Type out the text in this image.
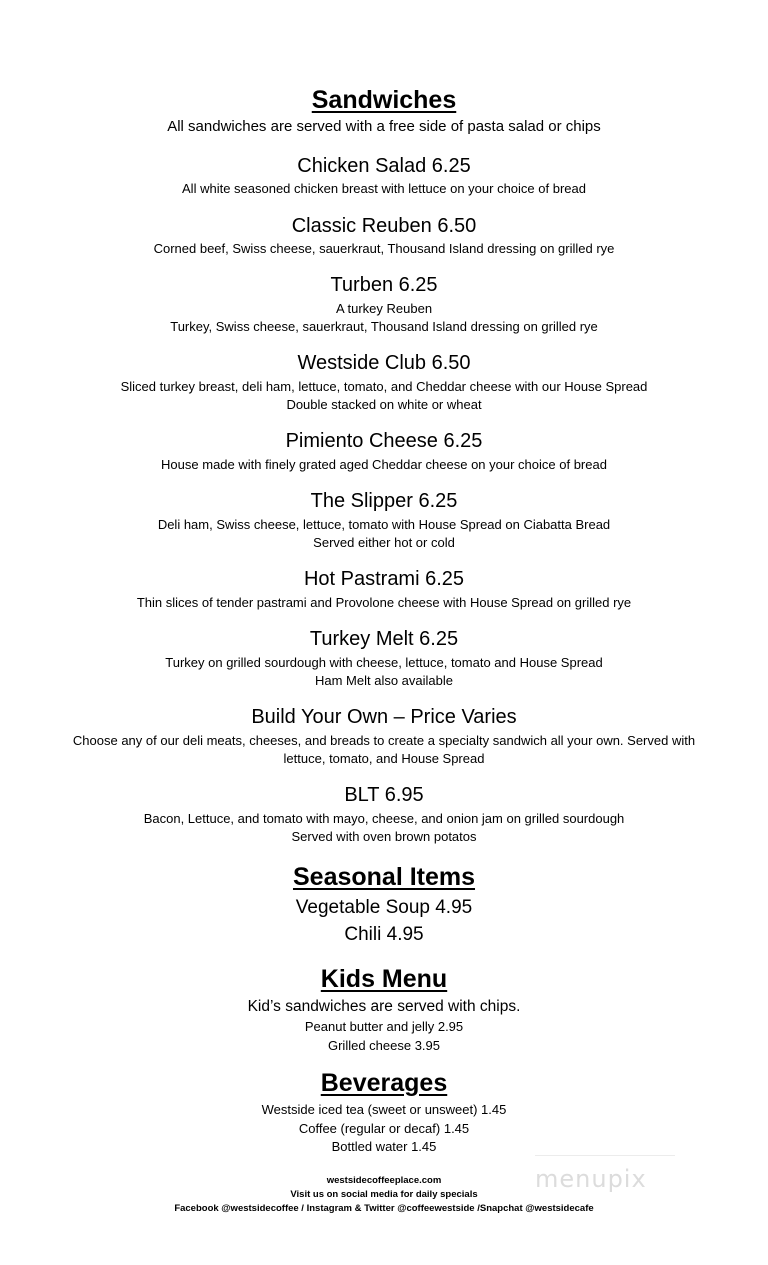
Sandwiches
All sandwiches are served with a free side of pasta salad or chips
Chicken Salad 6.25
All white seasoned chicken breast with lettuce on your choice of bread
Classic Reuben 6.50
Corned beef, Swiss cheese, sauerkraut, Thousand Island dressing on grilled rye
Turben 6.25
A turkey Reuben
Turkey, Swiss cheese, sauerkraut, Thousand Island dressing on grilled rye
Westside Club 6.50
Sliced turkey breast, deli ham, lettuce, tomato, and Cheddar cheese with our House Spread
Double stacked on white or wheat
Pimiento Cheese 6.25
House made with finely grated aged Cheddar cheese on your choice of bread
The Slipper 6.25
Deli ham, Swiss cheese, lettuce, tomato with House Spread on Ciabatta Bread
Served either hot or cold
Hot Pastrami 6.25
Thin slices of tender pastrami and Provolone cheese with House Spread on grilled rye
Turkey Melt 6.25
Turkey on grilled sourdough with cheese, lettuce, tomato and House Spread
Ham Melt also available
Build Your Own – Price Varies
Choose any of our deli meats, cheeses, and breads to create a specialty sandwich all your own. Served with
lettuce, tomato, and House Spread
BLT 6.95
Bacon, Lettuce, and tomato with mayo, cheese, and onion jam on grilled sourdough
Served with oven brown potatos
Seasonal Items
Vegetable Soup 4.95
Chili 4.95
Kids Menu
Kid’s sandwiches are served with chips.
Peanut butter and jelly 2.95
Grilled cheese 3.95
Beverages
Westside iced tea (sweet or unsweet) 1.45
Coffee (regular or decaf) 1.45
Bottled water 1.45
westsidecoffeeplace.com
Visit us on social media for daily specials
Facebook @westsidecoffee / Instagram & Twitter @coffeewestside /Snapchat @westsidecafe
menupix
